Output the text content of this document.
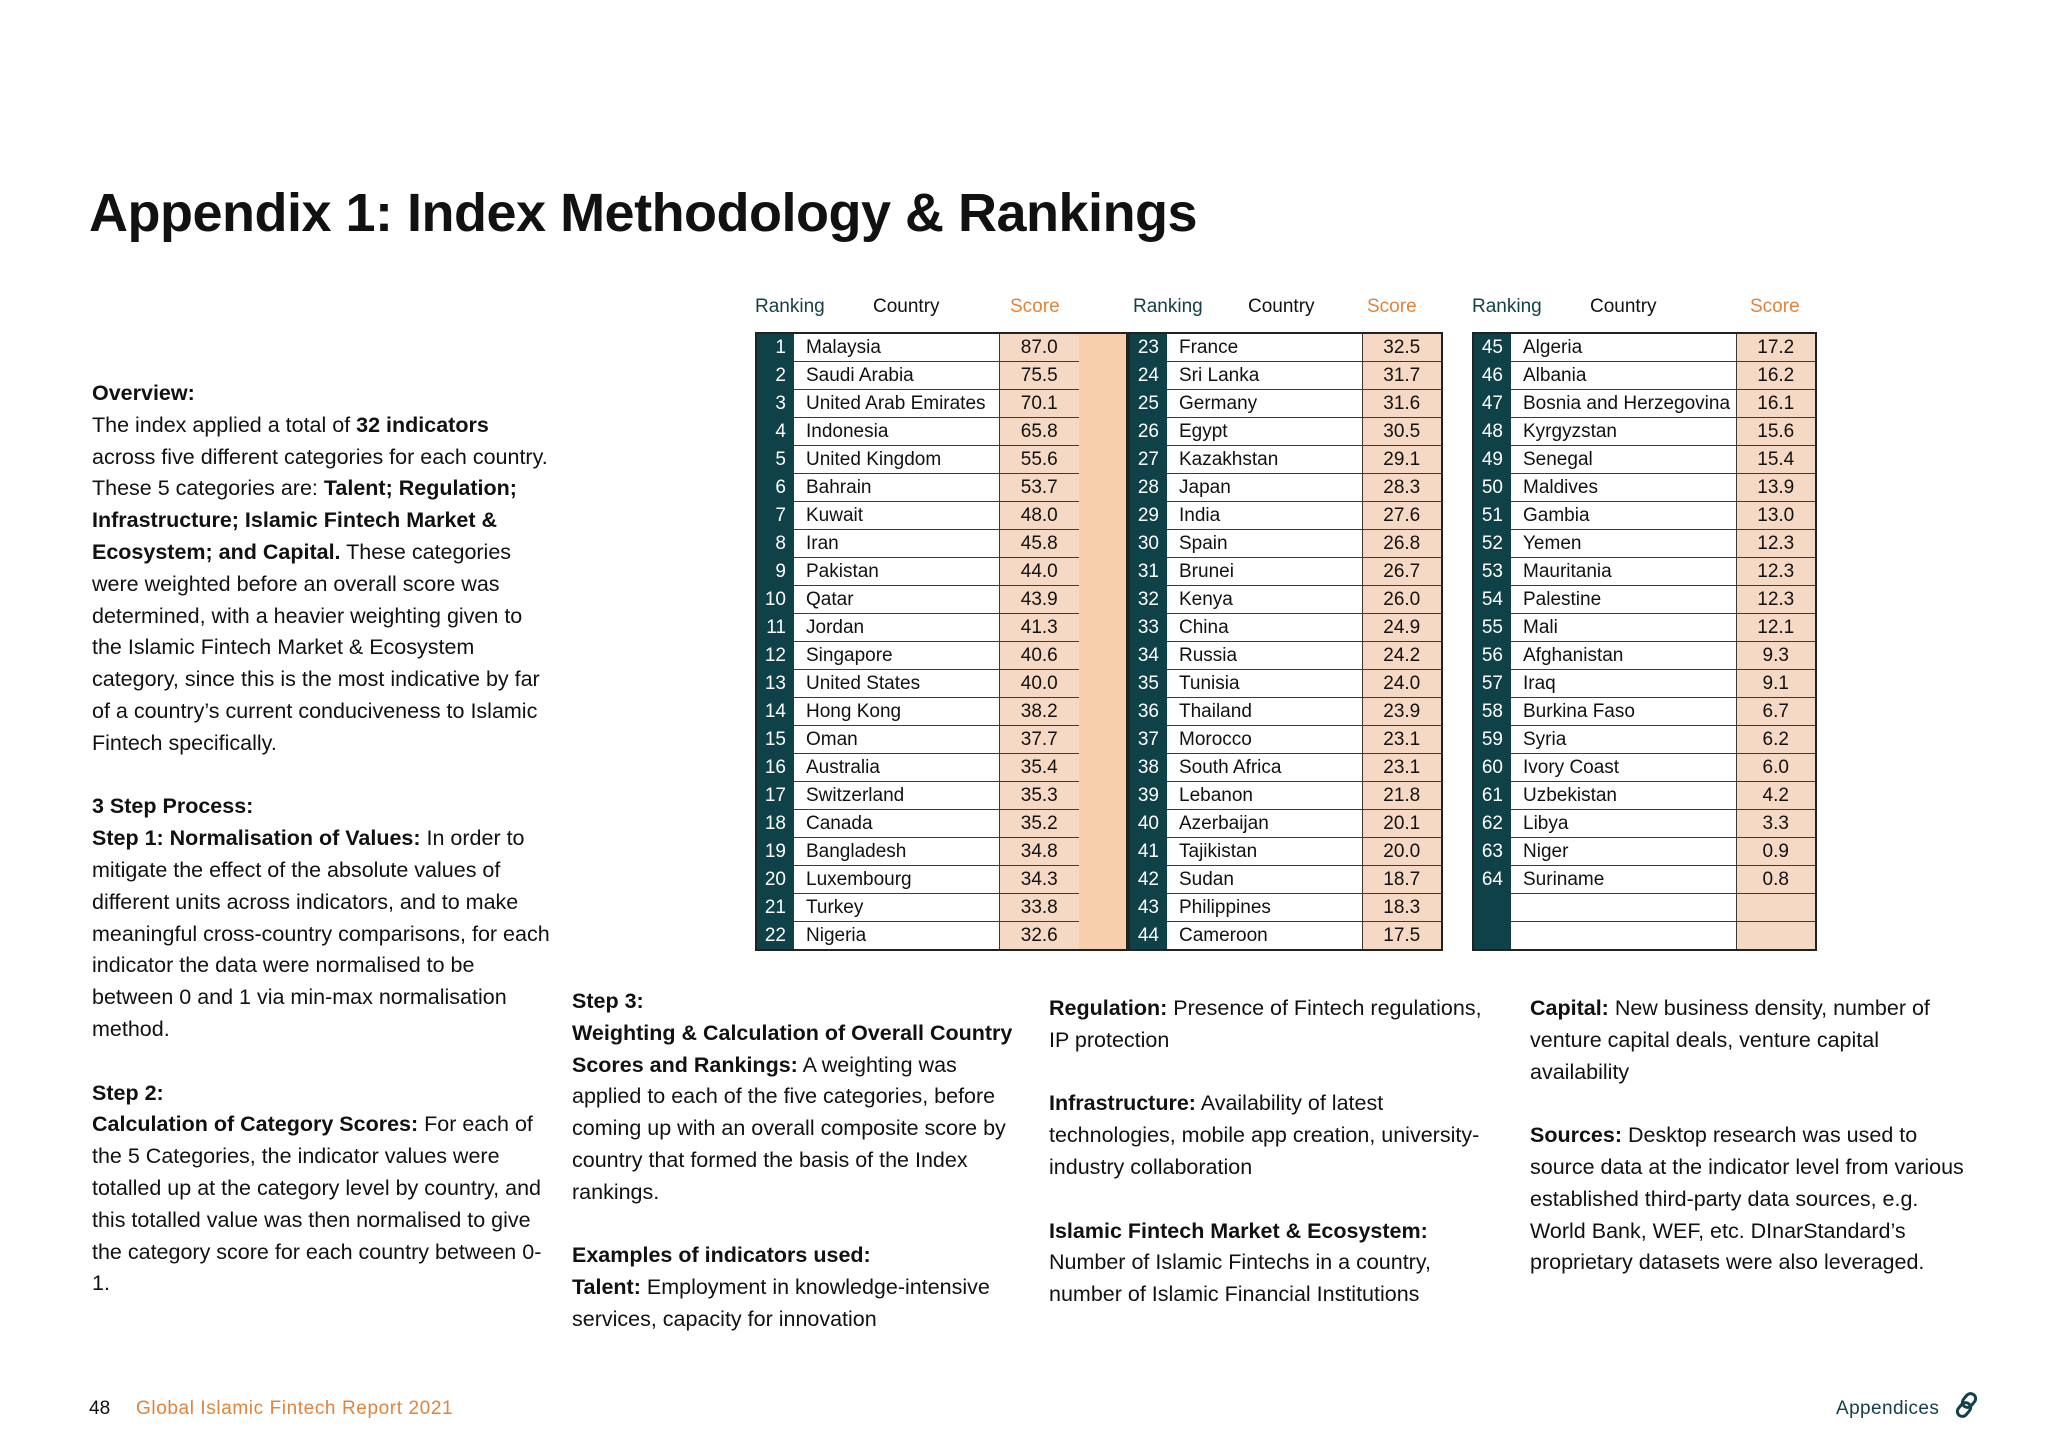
Appendix 1: Index Methodology & Rankings

Overview:
The index applied a total of 32 indicators across five different categories for each country. These 5 categories are: Talent; Regulation; Infrastructure; Islamic Fintech Market & Ecosystem; and Capital. These categories were weighted before an overall score was determined, with a heavier weighting given to the Islamic Fintech Market & Ecosystem category, since this is the most indicative by far of a country’s current conduciveness to Islamic Fintech specifically.

3 Step Process:
Step 1: Normalisation of Values: In order to mitigate the effect of the absolute values of different units across indicators, and to make meaningful cross-country comparisons, for each indicator the data were normalised to be between 0 and 1 via min-max normalisation method.

Step 2:
Calculation of Category Scores: For each of the 5 Categories, the indicator values were totalled up at the category level by country, and this totalled value was then normalised to give the category score for each country between 0-1.

Step 3:
Weighting & Calculation of Overall Country Scores and Rankings: A weighting was applied to each of the five categories, before coming up with an overall composite score by country that formed the basis of the Index rankings.

Examples of indicators used:
Talent: Employment in knowledge-intensive services, capacity for innovation

Regulation: Presence of Fintech regulations, IP protection

Infrastructure: Availability of latest technologies, mobile app creation, university-industry collaboration

Islamic Fintech Market & Ecosystem:
Number of Islamic Fintechs in a country, number of Islamic Financial Institutions

Capital: New business density, number of venture capital deals, venture capital availability

Sources: Desktop research was used to source data at the indicator level from various established third-party data sources, e.g. World Bank, WEF, etc. DInarStandard’s proprietary datasets were also leveraged.

Ranking	Country	Score
1	Malaysia	87.0	
2	Saudi Arabia	75.5	
3	United Arab Emirates	70.1	
4	Indonesia	65.8	
5	United Kingdom	55.6	
6	Bahrain	53.7	
7	Kuwait	48.0	
8	Iran	45.8	
9	Pakistan	44.0	
10	Qatar	43.9	
11	Jordan	41.3	
12	Singapore	40.6	
13	United States	40.0	
14	Hong Kong	38.2	
15	Oman	37.7	
16	Australia	35.4	
17	Switzerland	35.3	
18	Canada	35.2	
19	Bangladesh	34.8	
20	Luxembourg	34.3	
21	Turkey	33.8	
22	Nigeria	32.6	
Ranking Country	Score
23	France	32.5
24	Sri Lanka	31.7
25	Germany	31.6
26	Egypt	30.5
27	Kazakhstan	29.1
28	Japan	28.3
29	India	27.6
30	Spain	26.8
31	Brunei	26.7
32	Kenya	26.0
33	China	24.9
34	Russia	24.2
35	Tunisia	24.0
36	Thailand	23.9
37	Morocco	23.1
38	South Africa	23.1
39	Lebanon	21.8
40	Azerbaijan	20.1
41	Tajikistan	20.0
42	Sudan	18.7
43	Philippines	18.3
44	Cameroon	17.5
Ranking	Country	Score
45	Algeria	17.2
46	Albania	16.2
47	Bosnia and Herzegovina	16.1
48	Kyrgyzstan	15.6
49	Senegal	15.4
50	Maldives	13.9
51	Gambia	13.0
52	Yemen	12.3
53	Mauritania	12.3
54	Palestine	12.3
55	Mali	12.1
56	Afghanistan	9.3
57	Iraq	9.1
58	Burkina Faso	6.7
59	Syria	6.2
60	Ivory Coast	6.0
61	Uzbekistan	4.2
62	Libya	3.3
63	Niger	0.9
64	Suriname	0.8

48 Global Islamic Fintech Report 2021	Appendices
